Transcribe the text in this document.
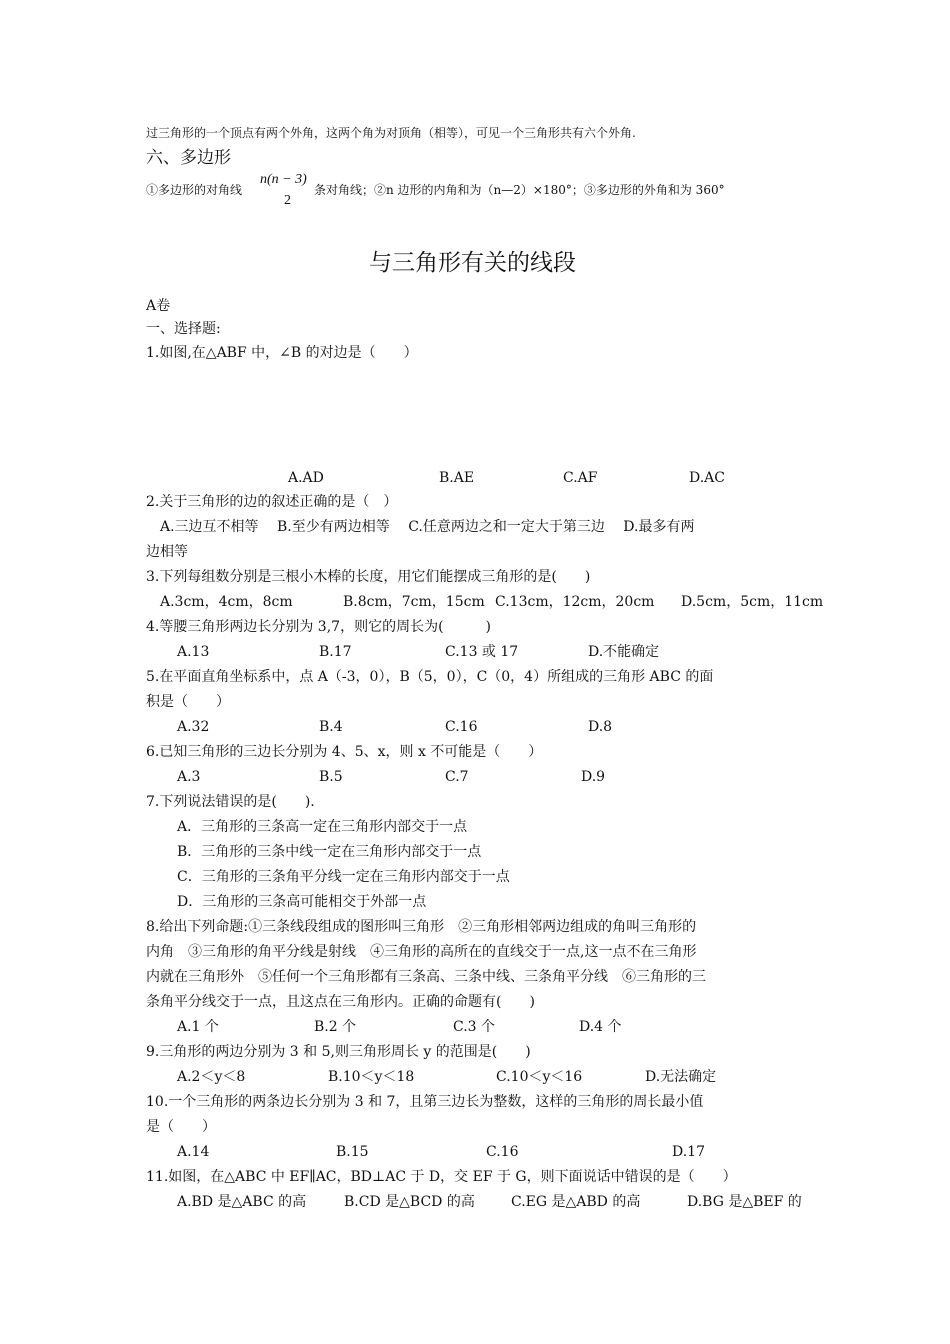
过三角形的一个顶点有两个外角，这两个角为对顶角（相等），可见一个三角形共有六个外角.
六、多边形
①多边形的对角线
n(n − 3)
2
条对角线；②n 边形的内角和为（n—2）×180°；③多边形的外角和为 360°
与三角形有关的线段
A卷
一、选择题:
1.如图,在△ABF 中，∠B 的对边是（　　）
A.AD	B.AE	C.AF	D.AC
2.关于三角形的边的叙述正确的是（　）
A.三边互不相等　 B.至少有两边相等　 C.任意两边之和一定大于第三边　 D.最多有两
边相等
3.下列每组数分别是三根小木棒的长度，用它们能摆成三角形的是(　　)
A.3cm，4cm，8cm	B.8cm，7cm，15cm C.13cm，12cm，20cm D.5cm，5cm，11cm
4.等腰三角形两边长分别为 3,7，则它的周长为(　　　)
A.13	B.17	C.13 或 17	D.不能确定
5.在平面直角坐标系中，点 A（-3，0），B（5，0），C（0，4）所组成的三角形 ABC 的面
积是（　　）
A.32	B.4	C.16	D.8
6.已知三角形的三边长分别为 4、5、x，则 x 不可能是（　　）
A.3	B.5	C.7	D.9
7.下列说法错误的是(　　).
A．三角形的三条高一定在三角形内部交于一点
B．三角形的三条中线一定在三角形内部交于一点
C．三角形的三条角平分线一定在三角形内部交于一点
D．三角形的三条高可能相交于外部一点
8.给出下列命题:①三条线段组成的图形叫三角形　②三角形相邻两边组成的角叫三角形的
内角　③三角形的角平分线是射线　④三角形的高所在的直线交于一点,这一点不在三角形
内就在三角形外　⑤任何一个三角形都有三条高、三条中线、三条角平分线　⑥三角形的三
条角平分线交于一点，且这点在三角形内。正确的命题有(　　)
A.1 个	B.2 个	C.3 个	D.4 个
9.三角形的两边分别为 3 和 5,则三角形周长 y 的范围是(　　)
A.2＜y＜8	B.10＜y＜18	C.10＜y＜16	D.无法确定
10.一个三角形的两条边长分别为 3 和 7，且第三边长为整数，这样的三角形的周长最小值
是（　　）
A.14	B.15	C.16	D.17
11.如图，在△ABC 中 EF∥AC，BD⊥AC 于 D，交 EF 于 G，则下面说话中错误的是（　　）
A.BD 是△ABC 的高	B.CD 是△BCD 的高	C.EG 是△ABD 的高	D.BG 是△BEF 的
